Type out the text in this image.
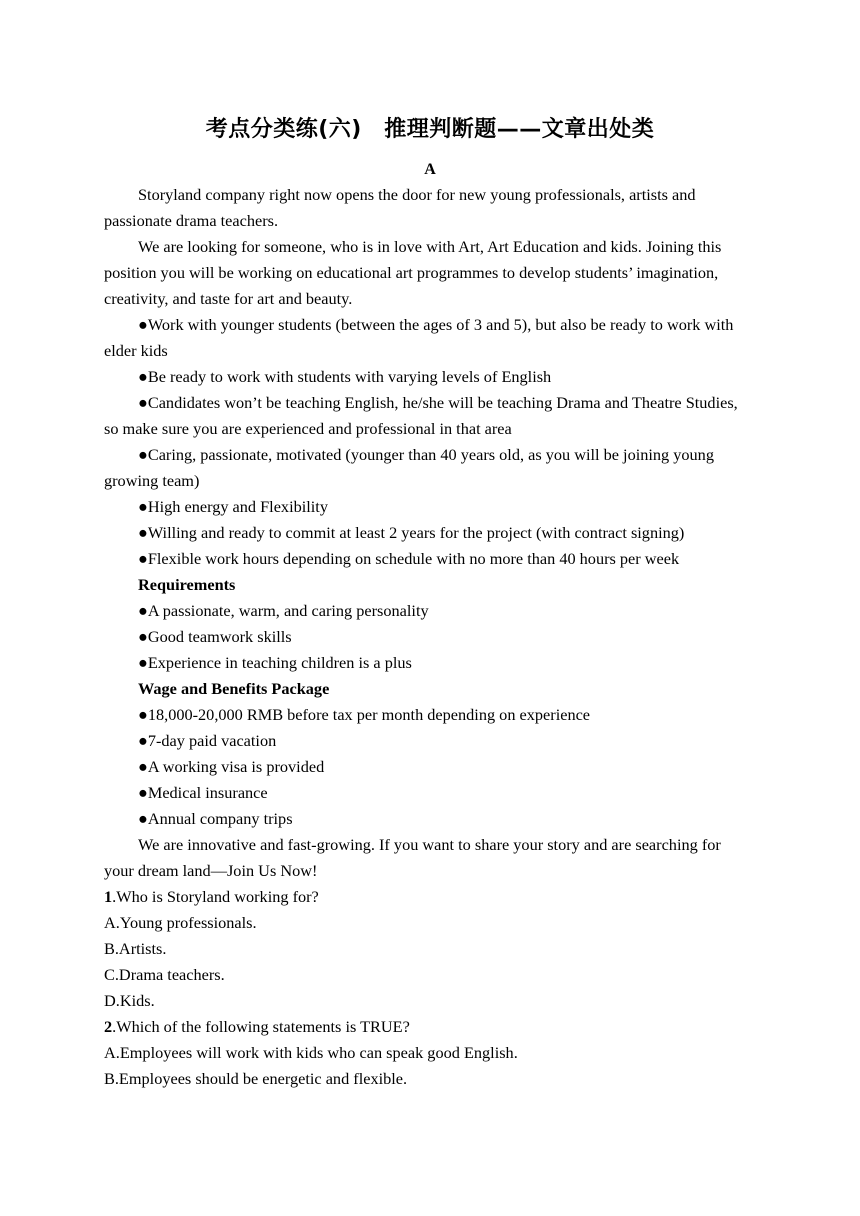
考点分类练(六)　推理判断题——文章出处类
A

Storyland company right now opens the door for new young professionals, artists and passionate drama teachers.

We are looking for someone, who is in love with Art, Art Education and kids. Joining this position you will be working on educational art programmes to develop students’ imagination, creativity, and taste for art and beauty.

● Work with younger students (between the ages of 3 and 5), but also be ready to work with elder kids

● Be ready to work with students with varying levels of English

● Candidates won’t be teaching English, he/she will be teaching Drama and Theatre Studies, so make sure you are experienced and professional in that area

● Caring, passionate, motivated (younger than 40 years old, as you will be joining young growing team)

● High energy and Flexibility

● Willing and ready to commit at least 2 years for the project (with contract signing)

● Flexible work hours depending on schedule with no more than 40 hours per week

Requirements

● A passionate, warm, and caring personality

● Good teamwork skills

● Experience in teaching children is a plus

Wage and Benefits Package

● 18,000-20,000 RMB before tax per month depending on experience

● 7-day paid vacation

● A working visa is provided

● Medical insurance

● Annual company trips

We are innovative and fast-growing. If you want to share your story and are searching for your dream land—Join Us Now!

1.Who is Storyland working for?

A.Young professionals.

B.Artists.

C.Drama teachers.

D.Kids.

2.Which of the following statements is TRUE?

A.Employees will work with kids who can speak good English.

B.Employees should be energetic and flexible.
